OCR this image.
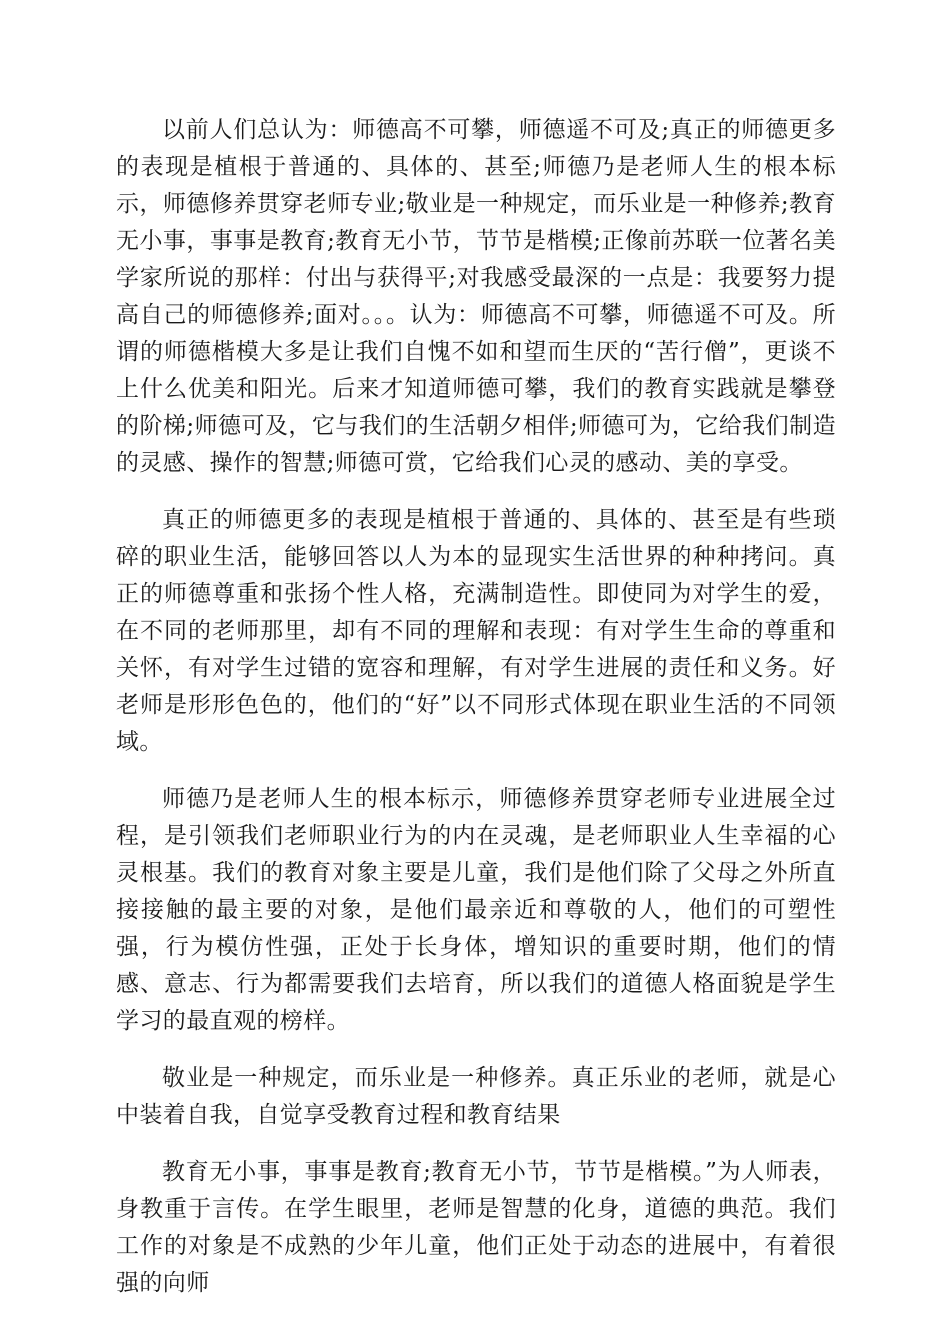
以前人们总认为：师德高不可攀，师德遥不可及;真正的师德更多的表现是植根于普通的、具体的、甚至;师德乃是老师人生的根本标示，师德修养贯穿老师专业;敬业是一种规定，而乐业是一种修养;教育无小事，事事是教育;教育无小节，节节是楷模;正像前苏联一位著名美学家所说的那样：付出与获得平;对我感受最深的一点是：我要努力提高自己的师德修养;面对。。。认为：师德高不可攀，师德遥不可及。所谓的师德楷模大多是让我们自愧不如和望而生厌的“苦行僧”，更谈不上什么优美和阳光。后来才知道师德可攀，我们的教育实践就是攀登的阶梯;师德可及，它与我们的生活朝夕相伴;师德可为，它给我们制造的灵感、操作的智慧;师德可赏，它给我们心灵的感动、美的享受。

真正的师德更多的表现是植根于普通的、具体的、甚至是有些琐碎的职业生活，能够回答以人为本的显现实生活世界的种种拷问。真正的师德尊重和张扬个性人格，充满制造性。即使同为对学生的爱，在不同的老师那里，却有不同的理解和表现：有对学生生命的尊重和关怀，有对学生过错的宽容和理解，有对学生进展的责任和义务。好老师是形形色色的，他们的“好”以不同形式体现在职业生活的不同领域。

师德乃是老师人生的根本标示，师德修养贯穿老师专业进展全过程，是引领我们老师职业行为的内在灵魂，是老师职业人生幸福的心灵根基。我们的教育对象主要是儿童，我们是他们除了父母之外所直接接触的最主要的对象，是他们最亲近和尊敬的人，他们的可塑性强，行为模仿性强，正处于长身体，增知识的重要时期，他们的情感、意志、行为都需要我们去培育，所以我们的道德人格面貌是学生学习的最直观的榜样。

敬业是一种规定，而乐业是一种修养。真正乐业的老师，就是心中装着自我，自觉享受教育过程和教育结果

教育无小事，事事是教育;教育无小节，节节是楷模。”为人师表，身教重于言传。在学生眼里，老师是智慧的化身，道德的典范。我们工作的对象是不成熟的少年儿童，他们正处于动态的进展中，有着很强的向师
